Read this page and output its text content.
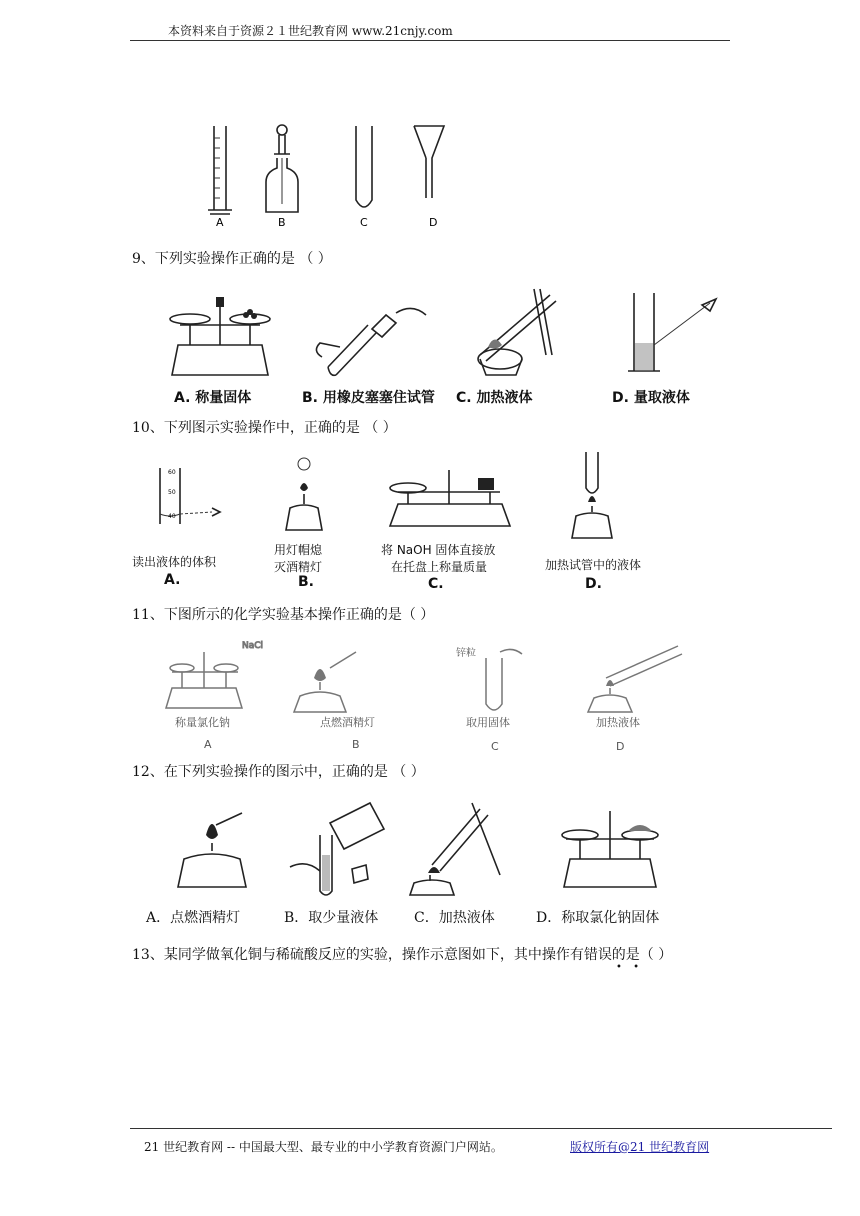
本资料来自于资源２１世纪教育网 www.21cnjy.com
A	B	C	D
9、下列实验操作正确的是 （ ）
A. 称量固体	B. 用橡皮塞塞住试管 C. 加热液体	D. 量取液体
10、下列图示实验操作中，正确的是 （ ）
60
50
40
读出液体的体积
用灯帽熄
灭酒精灯
将 NaOH 固体直接放
在托盘上称量质量	加热试管中的液体
A.	B.	C.	D.
11、下图所示的化学实验基本操作正确的是（ ）
NaCl
锌粒
称量氯化钠	点燃酒精灯	取用固体	加热液体
A	B	C	D
12、在下列实验操作的图示中，正确的是 （ ）
A．点燃酒精灯	B．取少量液体	C．加热液体	D．称取氯化钠固体
13、某同学做氧化铜与稀硫酸反应的实验，操作示意图如下，其中操作有错误的是（ ）
• •
21 世纪教育网 -- 中国最大型、最专业的中小学教育资源门户网站。	版权所有@21 世纪教育网
